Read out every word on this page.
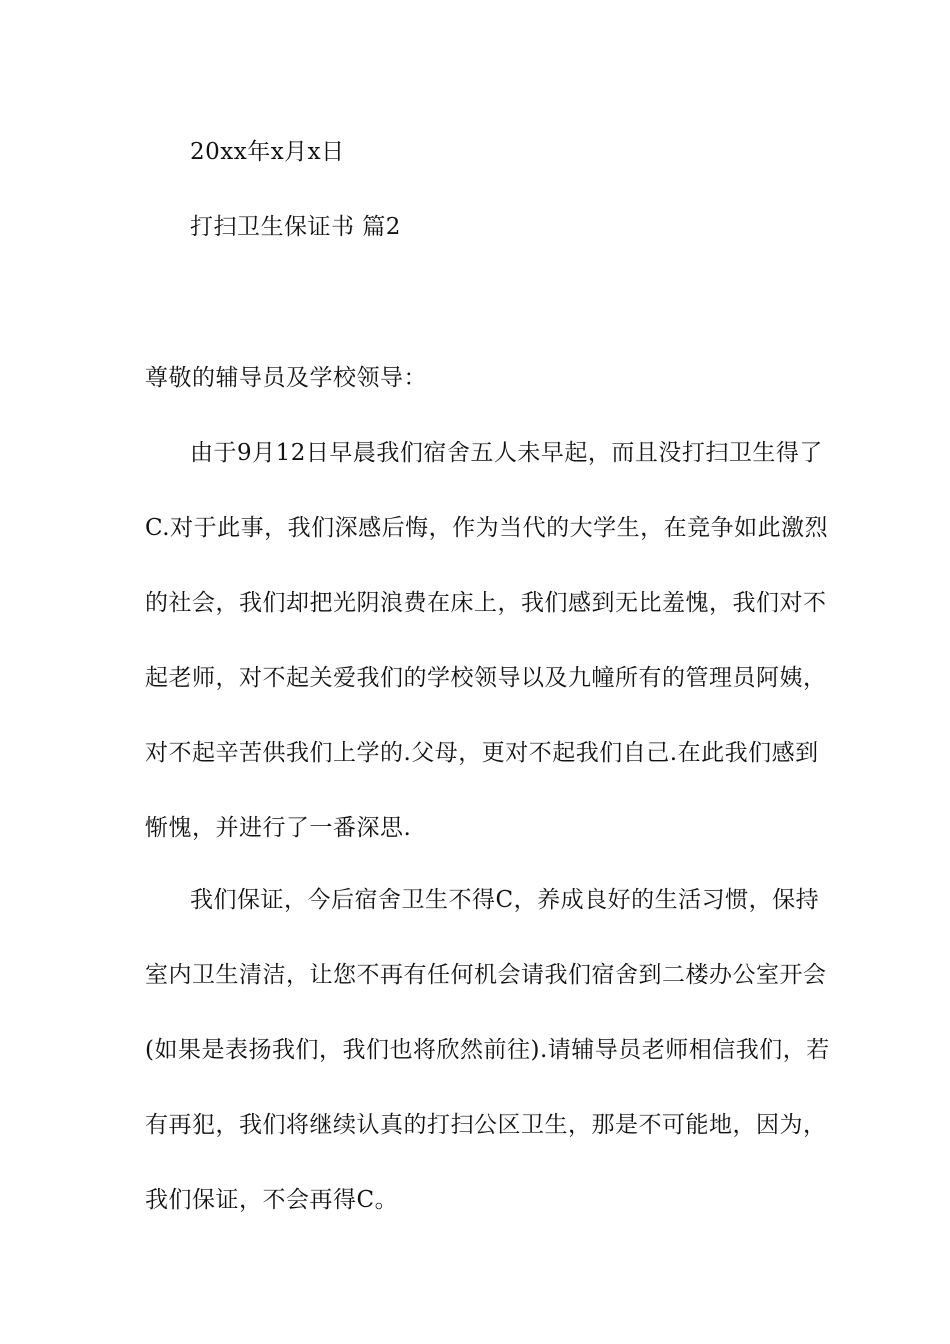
20xx年x月x日
打扫卫生保证书 篇2
尊敬的辅导员及学校领导：
由于9月12日早晨我们宿舍五人未早起，而且没打扫卫生得了
C.对于此事，我们深感后悔，作为当代的大学生，在竞争如此激烈
的社会，我们却把光阴浪费在床上，我们感到无比羞愧，我们对不
起老师，对不起关爱我们的学校领导以及九幢所有的管理员阿姨，
对不起辛苦供我们上学的.父母，更对不起我们自己.在此我们感到
惭愧，并进行了一番深思.
我们保证，今后宿舍卫生不得C，养成良好的生活习惯，保持
室内卫生清洁，让您不再有任何机会请我们宿舍到二楼办公室开会
(如果是表扬我们，我们也将欣然前往).请辅导员老师相信我们，若
有再犯，我们将继续认真的打扫公区卫生，那是不可能地，因为，
我们保证，不会再得C。
